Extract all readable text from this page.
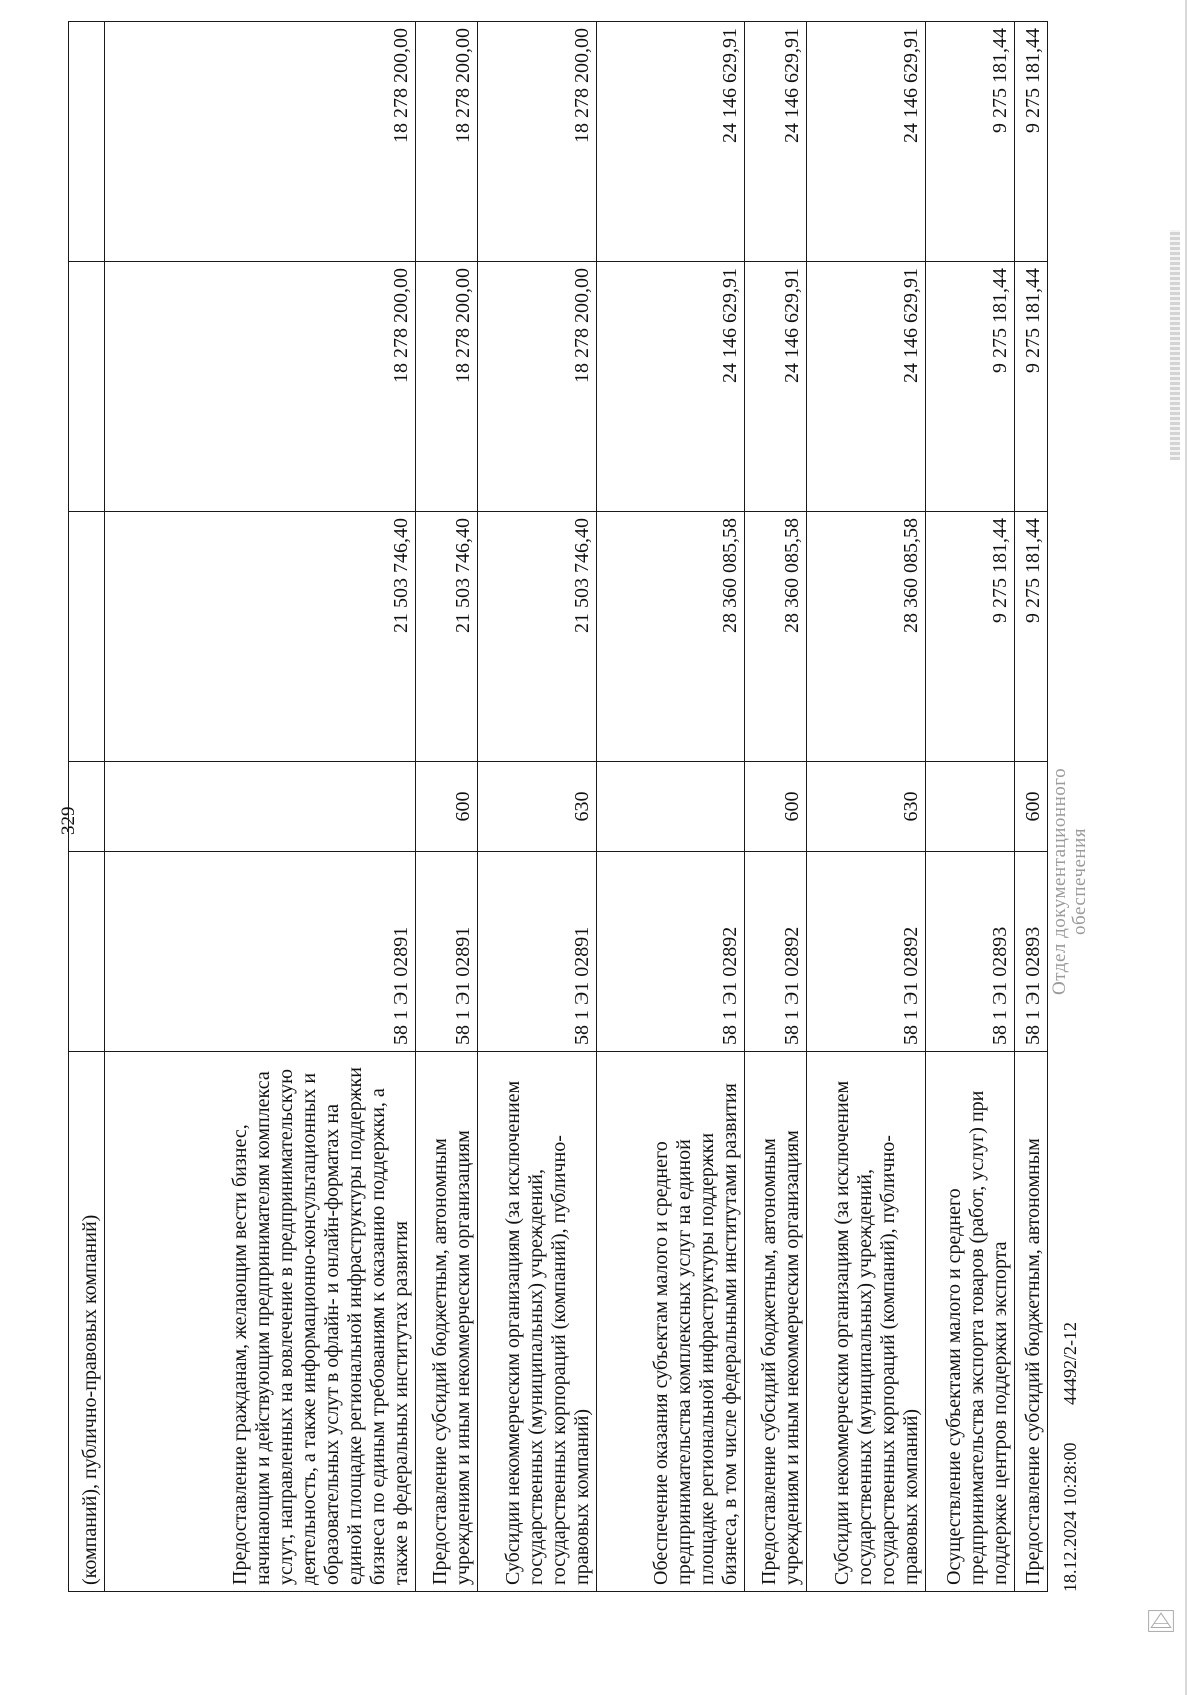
329
(компаний), публично-правовых компаний)					
Предоставление гражданам, желающим вести бизнес, начинающим и действующим предпринимателям комплекса услут, направленных на вовлечение в предпринимательскую деятельность, а также информационно-консультационных и образовательных услут в офлайн- и онлайн-форматах на единой площадке региональной инфраструктуры поддержки бизнеса по единым требованиям к оказанию поддержки, а также в федеральных институтах развития	58 1 Э1 02891		21 503 746,40	18 278 200,00	18 278 200,00
Предоставление субсидий бюджетным, автономным учреждениям и иным некоммерческим организациям	58 1 Э1 02891	600	21 503 746,40	18 278 200,00	18 278 200,00
Субсидии некоммерческим организациям (за исключением государственных (муниципальных) учреждений, государственных корпораций (компаний), публично-правовых компаний)	58 1 Э1 02891	630	21 503 746,40	18 278 200,00	18 278 200,00
Обеспечение оказания субъектам малого и среднего предпринимательства комплексных услуг на единой площадке региональной инфраструктуры поддержки бизнеса, в том числе федеральными институтами развития	58 1 Э1 02892		28 360 085,58	24 146 629,91	24 146 629,91
Предоставление субсидий бюджетным, автономным учреждениям и иным некоммерческим организациям	58 1 Э1 02892	600	28 360 085,58	24 146 629,91	24 146 629,91
Субсидии некоммерческим организациям (за исключением государственных (муниципальных) учреждений, государственных корпораций (компаний), публично-правовых компаний)	58 1 Э1 02892	630	28 360 085,58	24 146 629,91	24 146 629,91
Осуществление субъектами малого и среднего предпринимательства экспорта товаров (работ, услуг) при поддержке центров поддержки экспорта	58 1 Э1 02893		9 275 181,44	9 275 181,44	9 275 181,44
Предоставление субсидий бюджетным, автономным	58 1 Э1 02893	600	9 275 181,44	9 275 181,44	9 275 181,44
18.12.2024 10:28:00
44492/2-12
Отдел документационного обеспечения
